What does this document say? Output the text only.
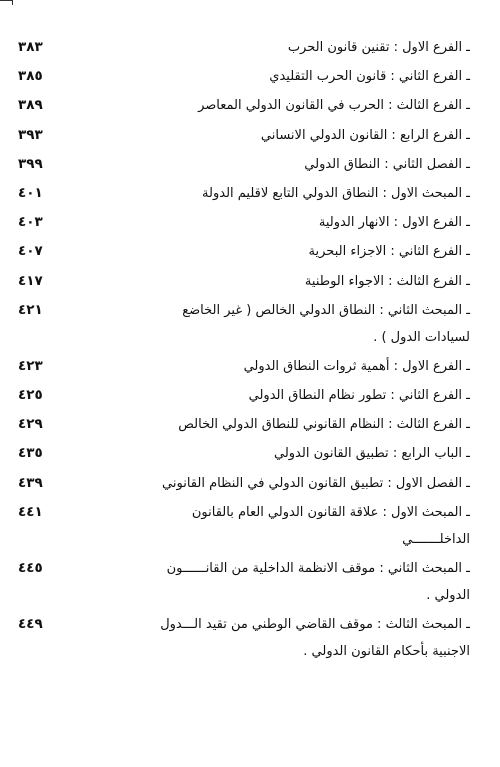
٣٨٣	ـ الفرع الاول : تقنين قانون الحرب
٣٨٥	ـ الفرع الثاني : قانون الحرب التقليدي
٣٨٩	ـ الفرع الثالث : الحرب في القانون الدولي المعاصر
٣٩٣	ـ الفرع الرابع : القانون الدولي الانساني
٣٩٩	ـ الفصل الثاني : النطاق الدولي
٤٠١	ـ المبحث الاول : النطاق الدولي التابع لاقليم الدولة
٤٠٣	ـ الفرع الاول : الانهار الدولية
٤٠٧	ـ الفرع الثاني : الاجزاء البحرية
٤١٧	ـ الفرع الثالث : الاجواء الوطنية
٤٢١	ـ المبحث الثاني : النطاق الدولي الخالص ( غير الخاضع
لسيادات الدول ) .
٤٢٣	ـ الفرع الاول : أهمية ثروات النطاق الدولي
٤٢٥	ـ الفرع الثاني : تطور نظام النطاق الدولي
٤٢٩	ـ الفرع الثالث : النظام القانوني للنطاق الدولي الخالص
٤٣٥	ـ الباب الرابع : تطبيق القانون الدولي
٤٣٩	ـ الفصل الاول : تطبيق القانون الدولي في النظام القانوني
٤٤١	ـ المبحث الاول : علاقة القانون الدولي العام بالقانون
الداخلـــــــي
٤٤٥	ـ المبحث الثاني : موقف الانظمة الداخلية من القانــــــون
الدولي .
٤٤٩	ـ المبحث الثالث : موقف القاضي الوطني من تقيد الـــدول
الاجنبية بأحكام القانون الدولي .
